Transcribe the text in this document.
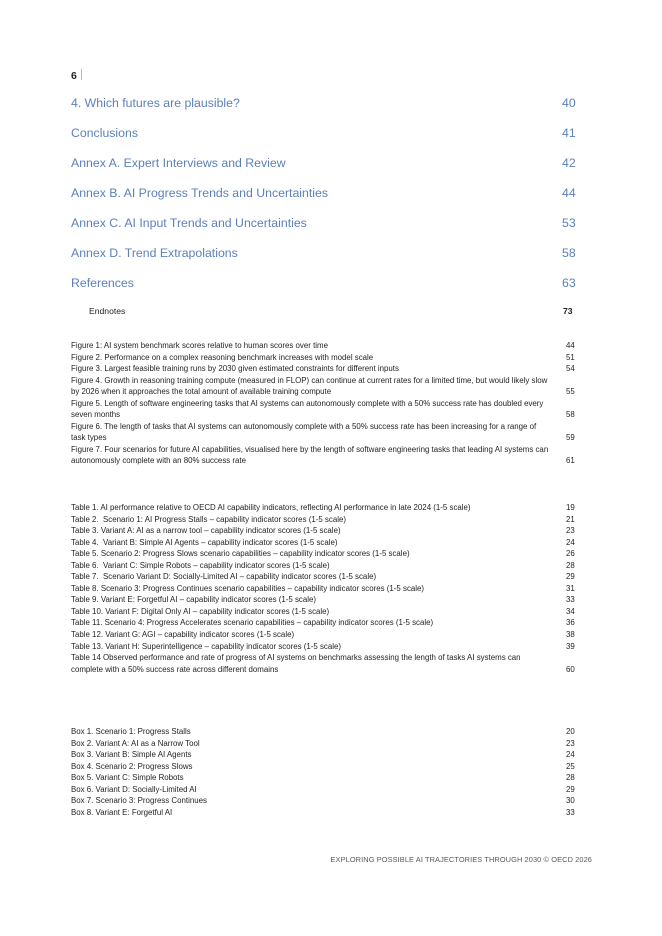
6
4. Which futures are plausible?	40
Conclusions	41
Annex A. Expert Interviews and Review	42
Annex B. AI Progress Trends and Uncertainties	44
Annex C. AI Input Trends and Uncertainties	53
Annex D. Trend Extrapolations	58
References	63
Endnotes	73
Figure 1: AI system benchmark scores relative to human scores over time	44
Figure 2. Performance on a complex reasoning benchmark increases with model scale	51
Figure 3. Largest feasible training runs by 2030 given estimated constraints for different inputs	54
Figure 4. Growth in reasoning training compute (measured in FLOP) can continue at current rates for a limited time, but would likely slow by 2026 when it approaches the total amount of available training compute	55
Figure 5. Length of software engineering tasks that AI systems can autonomously complete with a 50% success rate has doubled every seven months	58
Figure 6. The length of tasks that AI systems can autonomously complete with a 50% success rate has been increasing for a range of task types	59
Figure 7. Four scenarios for future AI capabilities, visualised here by the length of software engineering tasks that leading AI systems can autonomously complete with an 80% success rate	61
Table 1. AI performance relative to OECD AI capability indicators, reflecting AI performance in late 2024 (1-5 scale)	19
Table 2.  Scenario 1: AI Progress Stalls – capability indicator scores (1-5 scale)	21
Table 3. Variant A: AI as a narrow tool – capability indicator scores (1-5 scale)	23
Table 4.  Variant B: Simple AI Agents – capability indicator scores (1-5 scale)	24
Table 5. Scenario 2: Progress Slows scenario capabilities – capability indicator scores (1-5 scale)	26
Table 6.  Variant C: Simple Robots – capability indicator scores (1-5 scale)	28
Table 7.  Scenario Variant D: Socially-Limited AI – capability indicator scores (1-5 scale)	29
Table 8. Scenario 3: Progress Continues scenario capabilities – capability indicator scores (1-5 scale)	31
Table 9. Variant E: Forgetful AI – capability indicator scores (1-5 scale)	33
Table 10. Variant F: Digital Only AI – capability indicator scores (1-5 scale)	34
Table 11. Scenario 4: Progress Accelerates scenario capabilities – capability indicator scores (1-5 scale)	36
Table 12. Variant G: AGI – capability indicator scores (1-5 scale)	38
Table 13. Variant H: Superintelligence – capability indicator scores (1-5 scale)	39
Table 14 Observed performance and rate of progress of AI systems on benchmarks assessing the length of tasks AI systems can complete with a 50% success rate across different domains	60
Box 1. Scenario 1: Progress Stalls	20
Box 2. Variant A: AI as a Narrow Tool	23
Box 3. Variant B: Simple AI Agents	24
Box 4. Scenario 2: Progress Slows	25
Box 5. Variant C: Simple Robots	28
Box 6. Variant D: Socially-Limited AI	29
Box 7. Scenario 3: Progress Continues	30
Box 8. Variant E: Forgetful AI	33
EXPLORING POSSIBLE AI TRAJECTORIES THROUGH 2030 © OECD 2026
